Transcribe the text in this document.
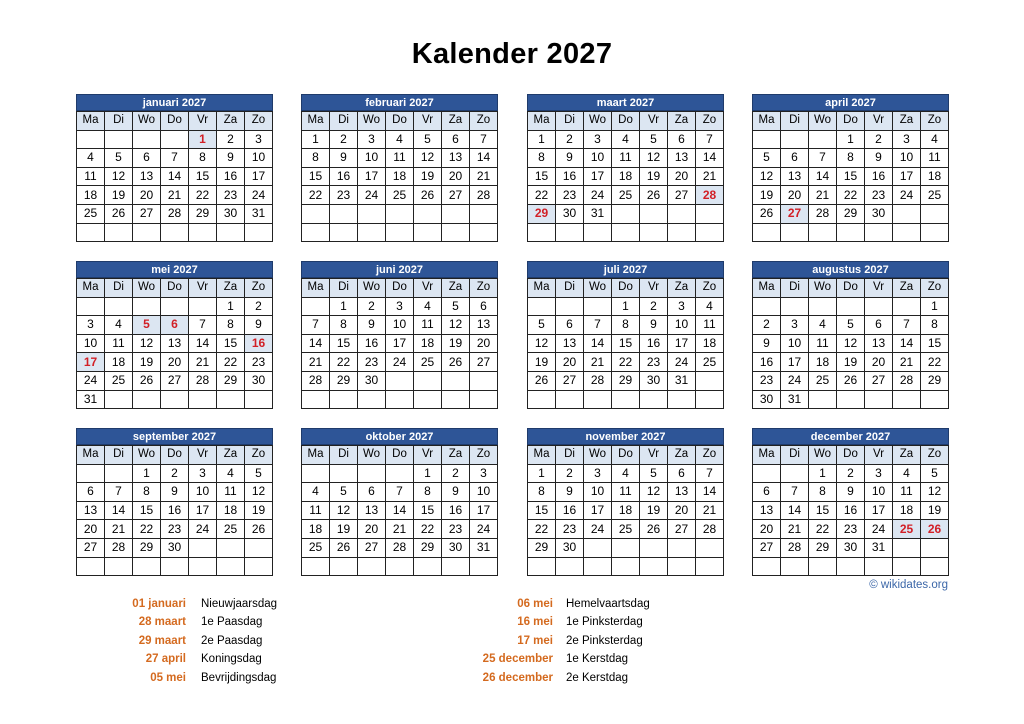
Kalender 2027
januari 2027
Ma	Di	Wo	Do	Vr	Za	Zo
				1	2	3
4	5	6	7	8	9	10
11	12	13	14	15	16	17
18	19	20	21	22	23	24
25	26	27	28	29	30	31

februari 2027
Ma	Di	Wo	Do	Vr	Za	Zo
1	2	3	4	5	6	7
8	9	10	11	12	13	14
15	16	17	18	19	20	21
22	23	24	25	26	27	28

maart 2027
Ma	Di	Wo	Do	Vr	Za	Zo
1	2	3	4	5	6	7
8	9	10	11	12	13	14
15	16	17	18	19	20	21
22	23	24	25	26	27	28
29	30	31				

april 2027
Ma	Di	Wo	Do	Vr	Za	Zo
			1	2	3	4
5	6	7	8	9	10	11
12	13	14	15	16	17	18
19	20	21	22	23	24	25
26	27	28	29	30		

mei 2027
Ma	Di	Wo	Do	Vr	Za	Zo
					1	2
3	4	5	6	7	8	9
10	11	12	13	14	15	16
17	18	19	20	21	22	23
24	25	26	27	28	29	30
31						
juni 2027
Ma	Di	Wo	Do	Vr	Za	Zo
	1	2	3	4	5	6
7	8	9	10	11	12	13
14	15	16	17	18	19	20
21	22	23	24	25	26	27
28	29	30				

juli 2027
Ma	Di	Wo	Do	Vr	Za	Zo
			1	2	3	4
5	6	7	8	9	10	11
12	13	14	15	16	17	18
19	20	21	22	23	24	25
26	27	28	29	30	31	

augustus 2027
Ma	Di	Wo	Do	Vr	Za	Zo
						1
2	3	4	5	6	7	8
9	10	11	12	13	14	15
16	17	18	19	20	21	22
23	24	25	26	27	28	29
30	31					
september 2027
Ma	Di	Wo	Do	Vr	Za	Zo
		1	2	3	4	5
6	7	8	9	10	11	12
13	14	15	16	17	18	19
20	21	22	23	24	25	26
27	28	29	30			

oktober 2027
Ma	Di	Wo	Do	Vr	Za	Zo
				1	2	3
4	5	6	7	8	9	10
11	12	13	14	15	16	17
18	19	20	21	22	23	24
25	26	27	28	29	30	31

november 2027
Ma	Di	Wo	Do	Vr	Za	Zo
1	2	3	4	5	6	7
8	9	10	11	12	13	14
15	16	17	18	19	20	21
22	23	24	25	26	27	28
29	30					

december 2027
Ma	Di	Wo	Do	Vr	Za	Zo
		1	2	3	4	5
6	7	8	9	10	11	12
13	14	15	16	17	18	19
20	21	22	23	24	25	26
27	28	29	30	31		

01 januari Nieuwjaarsdag
28 maart 1e Paasdag
29 maart 2e Paasdag
27 april Koningsdag
05 mei Bevrijdingsdag
06 mei Hemelvaartsdag
16 mei 1e Pinksterdag
17 mei 2e Pinksterdag
25 december 1e Kerstdag
26 december 2e Kerstdag
© wikidates.org
